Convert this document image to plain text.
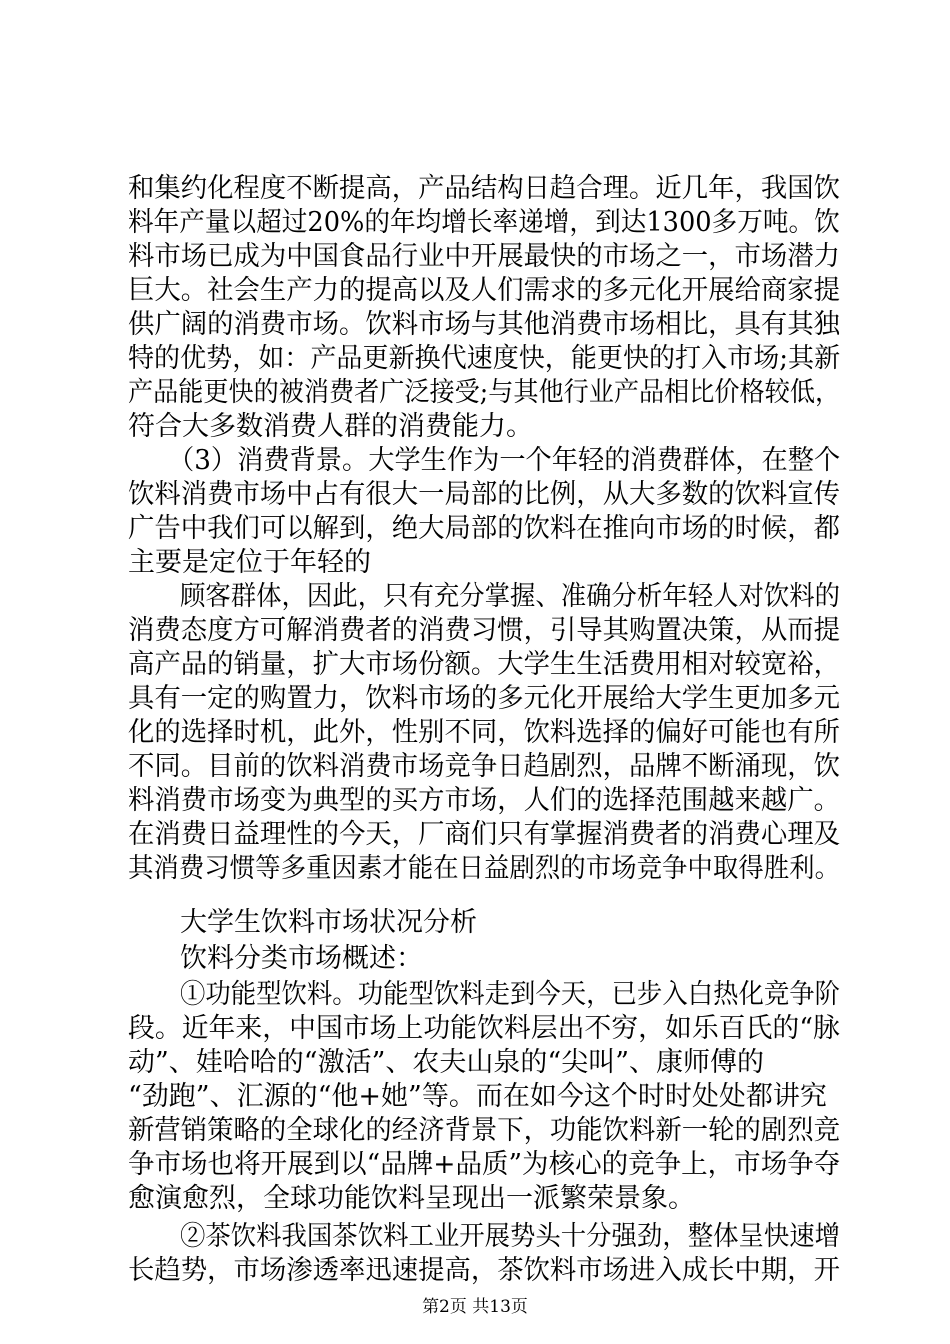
和集约化程度不断提高，产品结构日趋合理。近几年，我国饮
料年产量以超过20%的年均增长率递增，到达1300多万吨。饮
料市场已成为中国食品行业中开展最快的市场之一，市场潜力
巨大。社会生产力的提高以及人们需求的多元化开展给商家提
供广阔的消费市场。饮料市场与其他消费市场相比，具有其独
特的优势，如：产品更新换代速度快，能更快的打入市场;其新
产品能更快的被消费者广泛接受;与其他行业产品相比价格较低，
符合大多数消费人群的消费能力。
（3）消费背景。大学生作为一个年轻的消费群体，在整个
饮料消费市场中占有很大一局部的比例，从大多数的饮料宣传
广告中我们可以解到，绝大局部的饮料在推向市场的时候，都
主要是定位于年轻的
顾客群体，因此，只有充分掌握、准确分析年轻人对饮料的
消费态度方可解消费者的消费习惯，引导其购置决策，从而提
高产品的销量，扩大市场份额。大学生生活费用相对较宽裕，
具有一定的购置力，饮料市场的多元化开展给大学生更加多元
化的选择时机，此外，性别不同，饮料选择的偏好可能也有所
不同。目前的饮料消费市场竞争日趋剧烈，品牌不断涌现，饮
料消费市场变为典型的买方市场，人们的选择范围越来越广。
在消费日益理性的今天，厂商们只有掌握消费者的消费心理及
其消费习惯等多重因素才能在日益剧烈的市场竞争中取得胜利。
大学生饮料市场状况分析
饮料分类市场概述：
①功能型饮料。功能型饮料走到今天，已步入白热化竞争阶
段。近年来，中国市场上功能饮料层出不穷，如乐百氏的“脉
动”、娃哈哈的“激活”、农夫山泉的“尖叫”、康师傅的
“劲跑”、汇源的“他+她”等。而在如今这个时时处处都讲究
新营销策略的全球化的经济背景下，功能饮料新一轮的剧烈竞
争市场也将开展到以“品牌+品质”为核心的竞争上，市场争夺
愈演愈烈，全球功能饮料呈现出一派繁荣景象。
②茶饮料我国茶饮料工业开展势头十分强劲，整体呈快速增
长趋势，市场渗透率迅速提高，茶饮料市场进入成长中期，开
第2页 共13页
